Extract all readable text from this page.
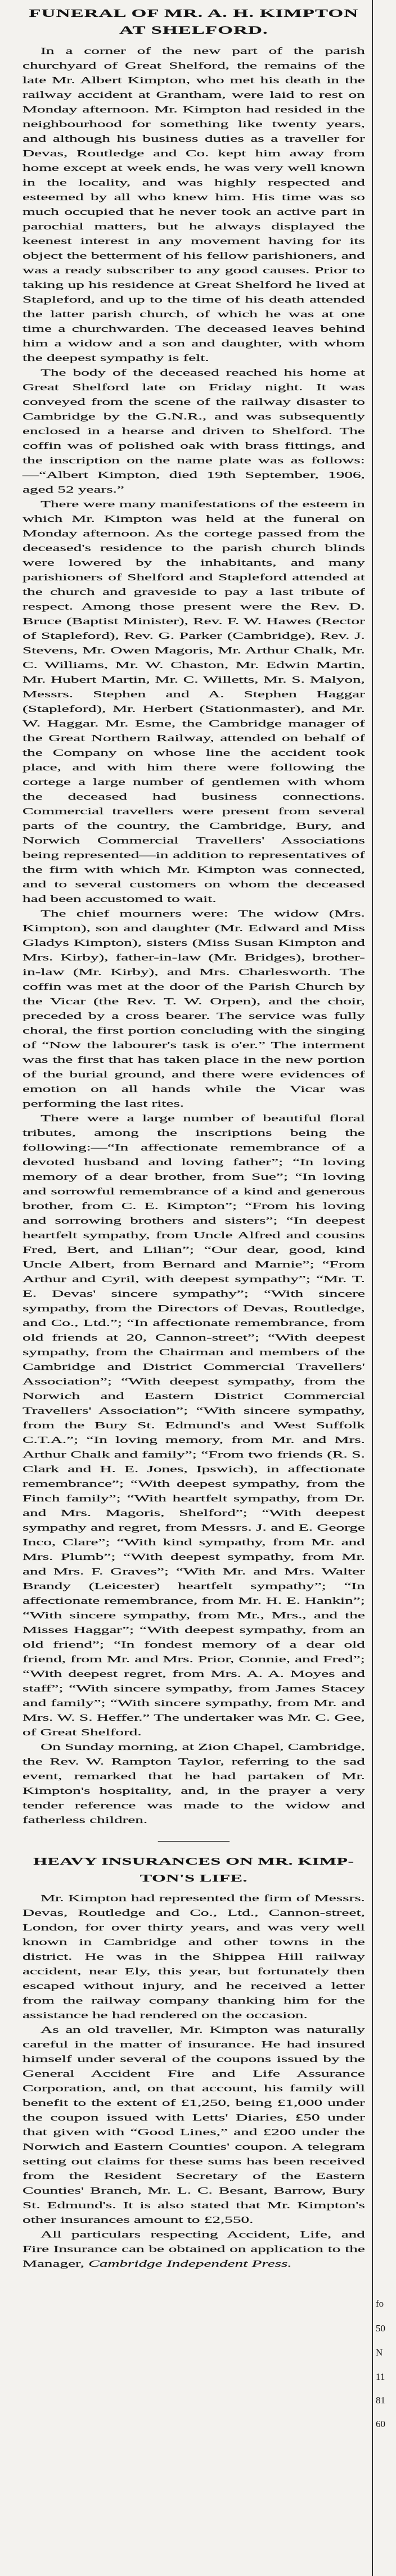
FUNERAL OF MR. A. H. KIMPTON
AT SHELFORD.

In a corner of the new part of the parish churchyard of Great Shelford, the remains of the late Mr. Albert Kimpton, who met his death in the railway accident at Grantham, were laid to rest on Monday afternoon. Mr. Kimpton had resided in the neighbourhood for something like twenty years, and although his business duties as a traveller for Devas, Routledge and Co. kept him away from home except at week ends, he was very well known in the locality, and was highly respected and esteemed by all who knew him. His time was so much occupied that he never took an active part in parochial matters, but he always displayed the keenest interest in any movement having for its object the betterment of his fellow parishioners, and was a ready subscriber to any good causes. Prior to taking up his residence at Great Shelford he lived at Stapleford, and up to the time of his death attended the latter parish church, of which he was at one time a churchwarden. The deceased leaves behind him a widow and a son and daughter, with whom the deepest sympathy is felt.

The body of the deceased reached his home at Great Shelford late on Friday night. It was conveyed from the scene of the railway disaster to Cambridge by the G.N.R., and was subsequently enclosed in a hearse and driven to Shelford. The coffin was of polished oak with brass fittings, and the inscription on the name plate was as follows:—“Albert Kimpton, died 19th September, 1906, aged 52 years.”

There were many manifestations of the esteem in which Mr. Kimpton was held at the funeral on Monday afternoon. As the cortege passed from the deceased's residence to the parish church blinds were lowered by the inhabitants, and many parishioners of Shelford and Stapleford attended at the church and graveside to pay a last tribute of respect. Among those present were the Rev. D. Bruce (Baptist Minister), Rev. F. W. Hawes (Rector of Stapleford), Rev. G. Parker (Cambridge), Rev. J. Stevens, Mr. Owen Magoris, Mr. Arthur Chalk, Mr. C. Williams, Mr. W. Chaston, Mr. Edwin Martin, Mr. Hubert Martin, Mr. C. Willetts, Mr. S. Malyon, Messrs. Stephen and A. Stephen Haggar (Stapleford), Mr. Herbert (Stationmaster), and Mr. W. Haggar. Mr. Esme, the Cambridge manager of the Great Northern Railway, attended on behalf of the Company on whose line the accident took place, and with him there were following the cortege a large number of gentlemen with whom the deceased had business connections. Commercial travellers were present from several parts of the country, the Cambridge, Bury, and Norwich Commercial Travellers' Associations being represented—in addition to representatives of the firm with which Mr. Kimpton was connected, and to several customers on whom the deceased had been accustomed to wait.

The chief mourners were: The widow (Mrs. Kimpton), son and daughter (Mr. Edward and Miss Gladys Kimpton), sisters (Miss Susan Kimpton and Mrs. Kirby), father-in-law (Mr. Bridges), brother-in-law (Mr. Kirby), and Mrs. Charlesworth. The coffin was met at the door of the Parish Church by the Vicar (the Rev. T. W. Orpen), and the choir, preceded by a cross bearer. The service was fully choral, the first portion concluding with the singing of “Now the labourer's task is o'er.” The interment was the first that has taken place in the new portion of the burial ground, and there were evidences of emotion on all hands while the Vicar was performing the last rites.

There were a large number of beautiful floral tributes, among the inscriptions being the following:—“In affectionate remembrance of a devoted husband and loving father”; “In loving memory of a dear brother, from Sue”; “In loving and sorrowful remembrance of a kind and generous brother, from C. E. Kimpton”; “From his loving and sorrowing brothers and sisters”; “In deepest heartfelt sympathy, from Uncle Alfred and cousins Fred, Bert, and Lilian”; “Our dear, good, kind Uncle Albert, from Bernard and Marnie”; “From Arthur and Cyril, with deepest sympathy”; “Mr. T. E. Devas' sincere sympathy”; “With sincere sympathy, from the Directors of Devas, Routledge, and Co., Ltd.”; “In affectionate remembrance, from old friends at 20, Cannon-street”; “With deepest sympathy, from the Chairman and members of the Cambridge and District Commercial Travellers' Association”; “With deepest sympathy, from the Norwich and Eastern District Commercial Travellers' Association”; “With sincere sympathy, from the Bury St. Edmund's and West Suffolk C.T.A.”; “In loving memory, from Mr. and Mrs. Arthur Chalk and family”; “From two friends (R. S. Clark and H. E. Jones, Ipswich), in affectionate remembrance”; “With deepest sympathy, from the Finch family”; “With heartfelt sympathy, from Dr. and Mrs. Magoris, Shelford”; “With deepest sympathy and regret, from Messrs. J. and E. George Inco, Clare”; “With kind sympathy, from Mr. and Mrs. Plumb”; “With deepest sympathy, from Mr. and Mrs. F. Graves”; “With Mr. and Mrs. Walter Brandy (Leicester) heartfelt sympathy”; “In affectionate remembrance, from Mr. H. E. Hankin”; “With sincere sympathy, from Mr., Mrs., and the Misses Haggar”; “With deepest sympathy, from an old friend”; “In fondest memory of a dear old friend, from Mr. and Mrs. Prior, Connie, and Fred”; “With deepest regret, from Mrs. A. A. Moyes and staff”; “With sincere sympathy, from James Stacey and family”; “With sincere sympathy, from Mr. and Mrs. W. S. Heffer.” The undertaker was Mr. C. Gee, of Great Shelford.

On Sunday morning, at Zion Chapel, Cambridge, the Rev. W. Rampton Taylor, referring to the sad event, remarked that he had partaken of Mr. Kimpton's hospitality, and, in the prayer a very tender reference was made to the widow and fatherless children.

HEAVY INSURANCES ON MR. KIMP-
TON'S LIFE.

Mr. Kimpton had represented the firm of Messrs. Devas, Routledge and Co., Ltd., Cannon-street, London, for over thirty years, and was very well known in Cambridge and other towns in the district. He was in the Shippea Hill railway accident, near Ely, this year, but fortunately then escaped without injury, and he received a letter from the railway company thanking him for the assistance he had rendered on the occasion.

As an old traveller, Mr. Kimpton was naturally careful in the matter of insurance. He had insured himself under several of the coupons issued by the General Accident Fire and Life Assurance Corporation, and, on that account, his family will benefit to the extent of £1,250, being £1,000 under the coupon issued with Letts' Diaries, £50 under that given with “Good Lines,” and £200 under the Norwich and Eastern Counties' coupon. A telegram setting out claims for these sums has been received from the Resident Secretary of the Eastern Counties' Branch, Mr. L. C. Besant, Barrow, Bury St. Edmund's. It is also stated that Mr. Kimpton's other insurances amount to £2,550.

All particulars respecting Accident, Life, and Fire Insurance can be obtained on application to the Manager, Cambridge Independent Press.

fo
50
N
11
81
60
